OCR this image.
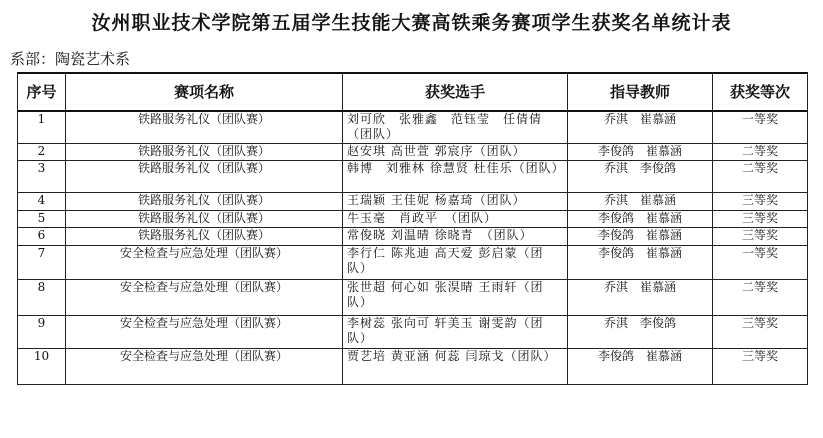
汝州职业技术学院第五届学生技能大赛高铁乘务赛项学生获奖名单统计表
系部：陶瓷艺术系
序号	赛项名称	获奖选手	指导教师	获奖等次
1	铁路服务礼仪（团队赛）	刘可欣　张雅鑫　范钰莹　任倩倩（团队）	乔淇　崔慕涵	一等奖
2	铁路服务礼仪（团队赛）	赵安琪 高世萱 郭宸序（团队）	李俊鸽　崔慕涵	二等奖
3	铁路服务礼仪（团队赛）	韩博　刘雅林 徐慧贤 杜佳乐（团队）	乔淇　李俊鸽	二等奖
4	铁路服务礼仪（团队赛）	王瑞颖 王佳妮 杨嘉琦（团队）	乔淇　崔慕涵	三等奖
5	铁路服务礼仪（团队赛）	牛玉毫　肖政平　（团队）	李俊鸽　崔慕涵	三等奖
6	铁路服务礼仪（团队赛）	常俊晓 刘温晴 徐晓青　（团队）	李俊鸽　崔慕涵	三等奖
7	安全检查与应急处理（团队赛）	李行仁 陈兆迪 高天爱 彭启蒙（团队）	李俊鸽　崔慕涵	一等奖
8	安全检查与应急处理（团队赛）	张世超 何心如 张淏晴 王雨轩（团队）	乔淇　崔慕涵	二等奖
9	安全检查与应急处理（团队赛）	李树蕊 张向可 轩美玉 谢雯韵（团队）	乔淇　李俊鸽	三等奖
10	安全检查与应急处理（团队赛）	贾艺培 黄亚涵 何蕊 闫琼戈（团队）	李俊鸽　崔慕涵	三等奖
